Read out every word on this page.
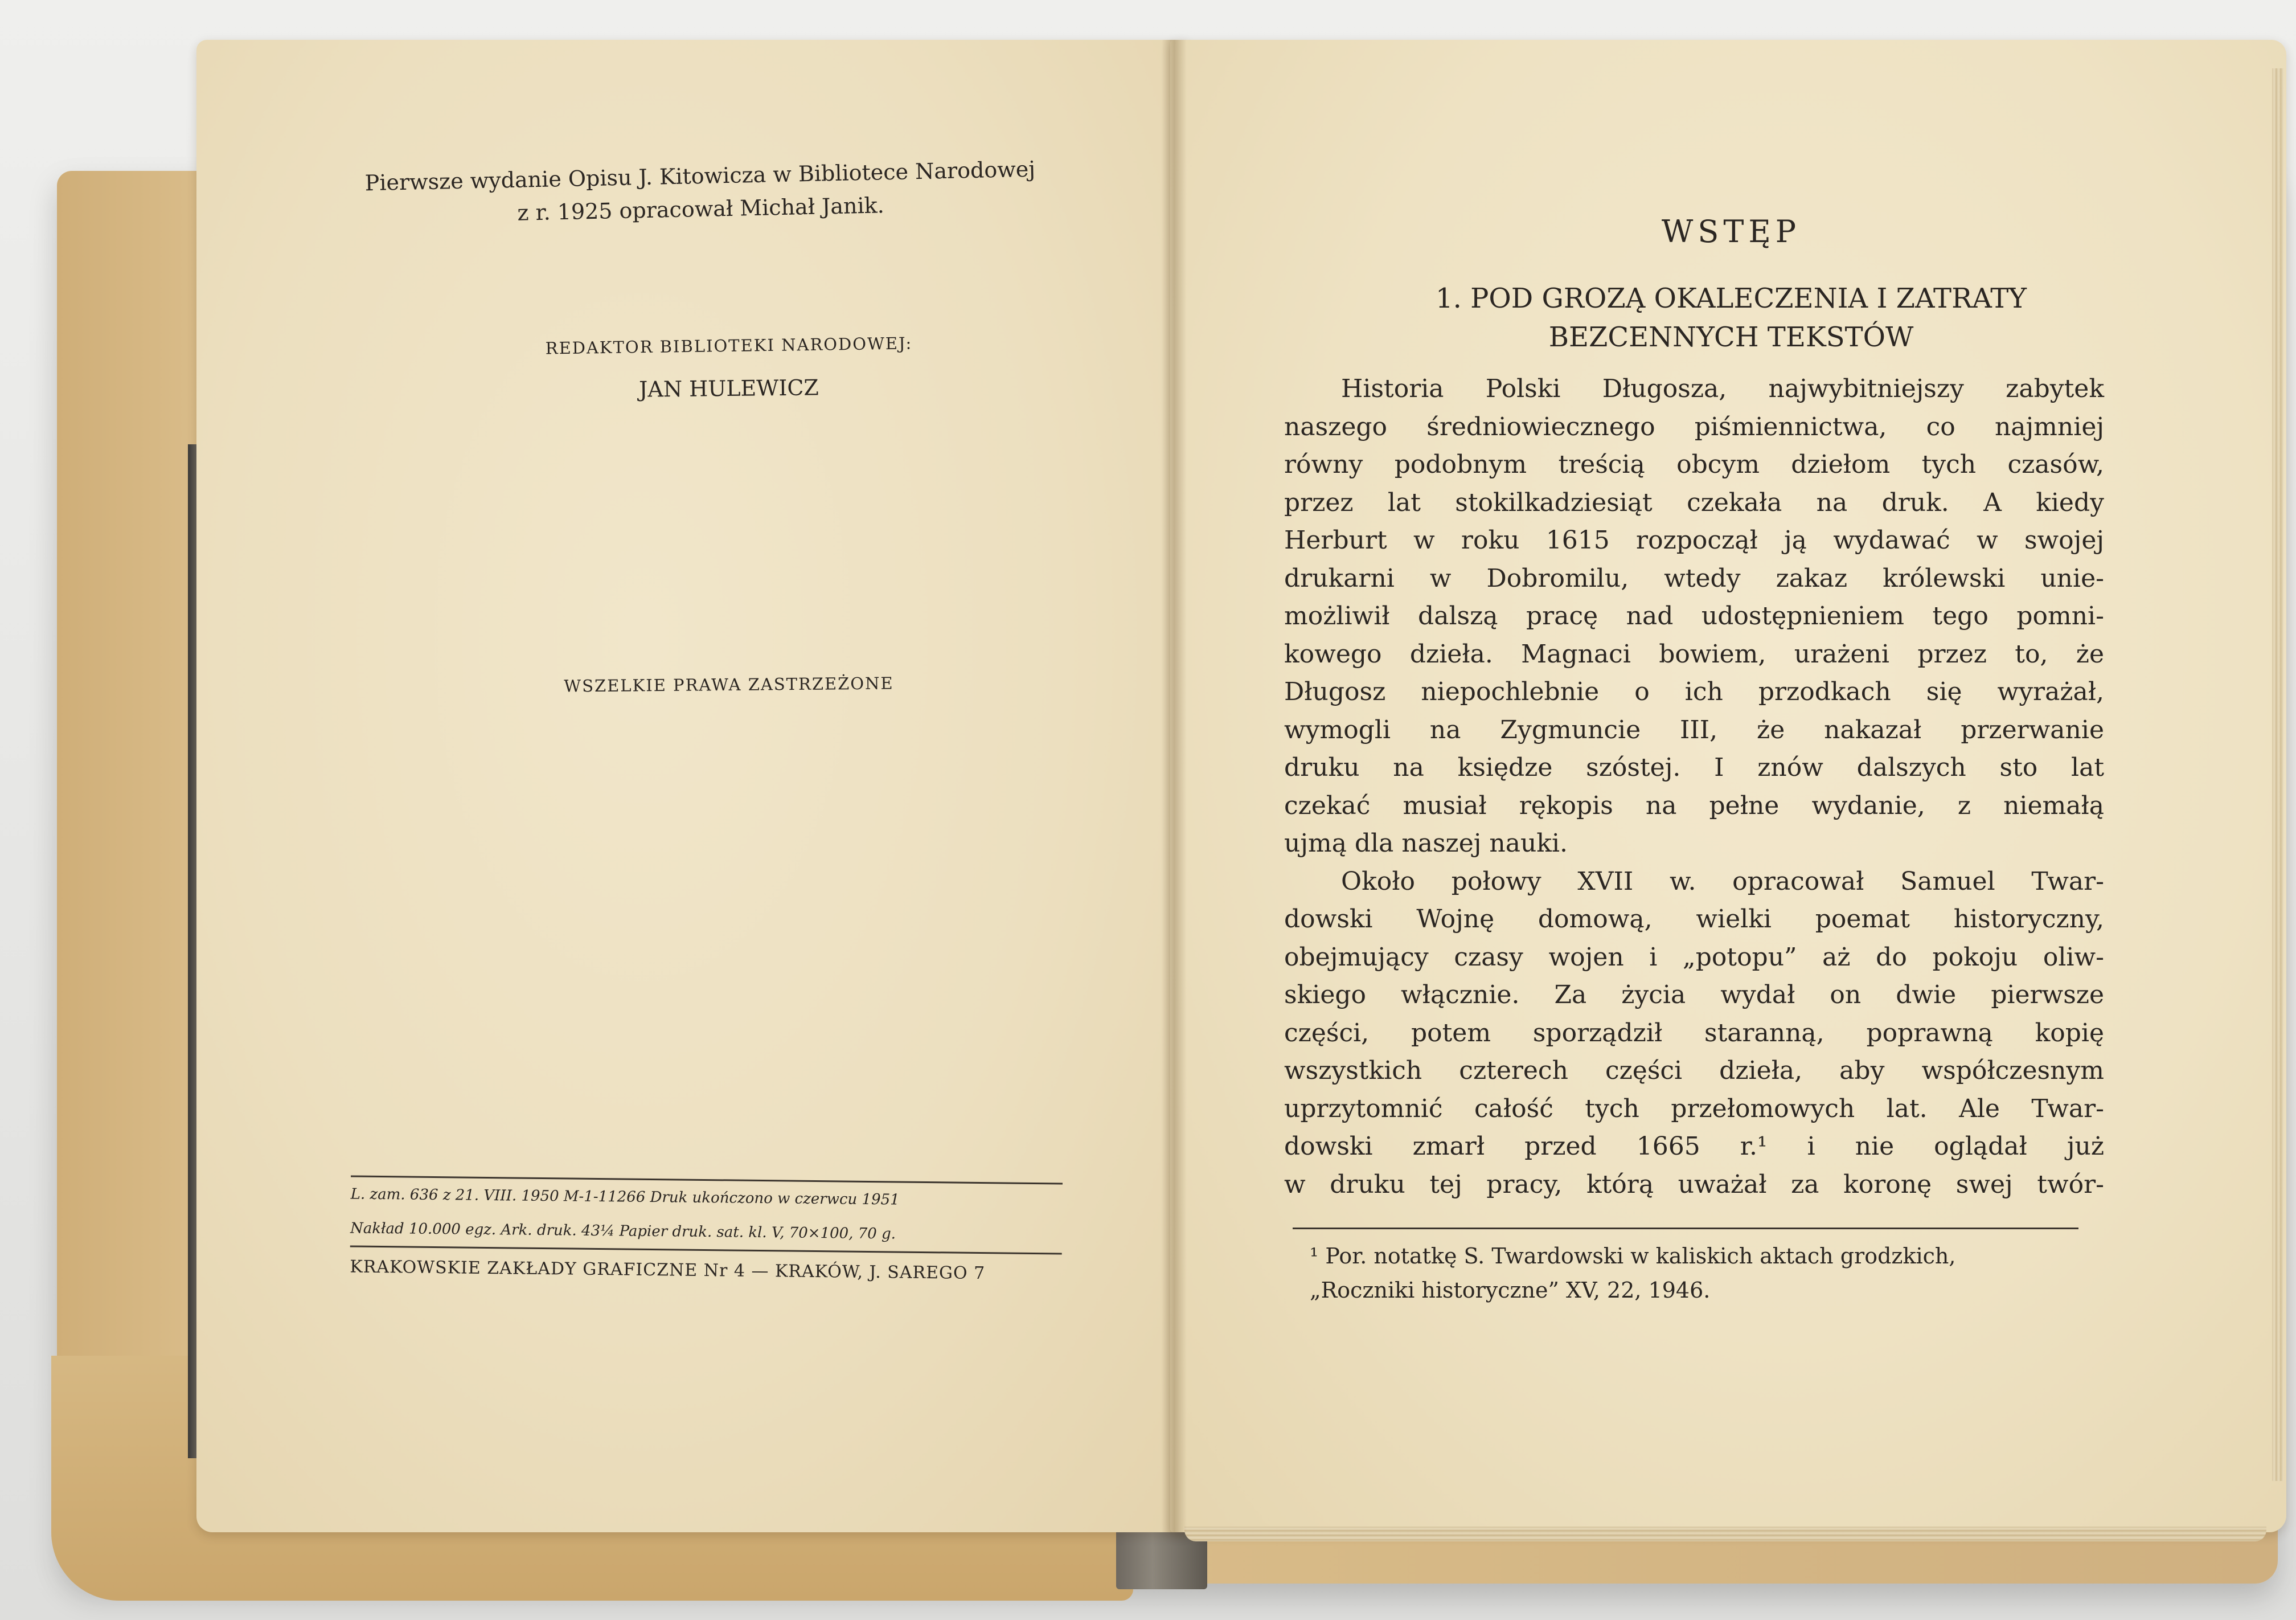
Pierwsze wydanie Opisu J. Kitowicza w Bibliotece Narodowej
z r. 1925 opracował Michał Janik.
REDAKTOR BIBLIOTEKI NARODOWEJ:
JAN HULEWICZ
WSZELKIE PRAWA ZASTRZEŻONE

L. zam. 636 z 21. VIII. 1950 M-1-11266 Druk ukończono w czerwcu 1951

Nakład 10.000 egz. Ark. druk. 43¼ Papier druk. sat. kl. V, 70×100, 70 g.

KRAKOWSKIE ZAKŁADY GRAFICZNE Nr 4 — KRAKÓW, J. SAREGO 7

WSTĘP
1. POD GROZĄ OKALECZENIA I ZATRATY
BEZCENNYCH TEKSTÓW
Historia Polski Długosza, najwybitniejszy zabytek
naszego średniowiecznego piśmiennictwa, co najmniej
równy podobnym treścią obcym dziełom tych czasów,
przez lat stokilkadziesiąt czekała na druk. A kiedy
Herburt w roku 1615 rozpoczął ją wydawać w swojej
drukarni w Dobromilu, wtedy zakaz królewski unie-
możliwił dalszą pracę nad udostępnieniem tego pomni-
kowego dzieła. Magnaci bowiem, urażeni przez to, że
Długosz niepochlebnie o ich przodkach się wyrażał,
wymogli na Zygmuncie III, że nakazał przerwanie
druku na księdze szóstej. I znów dalszych sto lat
czekać musiał rękopis na pełne wydanie, z niemałą
ujmą dla naszej nauki.
Około połowy XVII w. opracował Samuel Twar-
dowski Wojnę domową, wielki poemat historyczny,
obejmujący czasy wojen i „potopu” aż do pokoju oliw-
skiego włącznie. Za życia wydał on dwie pierwsze
części, potem sporządził staranną, poprawną kopię
wszystkich czterech części dzieła, aby współczesnym
uprzytomnić całość tych przełomowych lat. Ale Twar-
dowski zmarł przed 1665 r.¹ i nie oglądał już
w druku tej pracy, którą uważał za koronę swej twór-

¹ Por. notatkę S. Twardowski w kaliskich aktach grodzkich,

„Roczniki historyczne” XV, 22, 1946.
